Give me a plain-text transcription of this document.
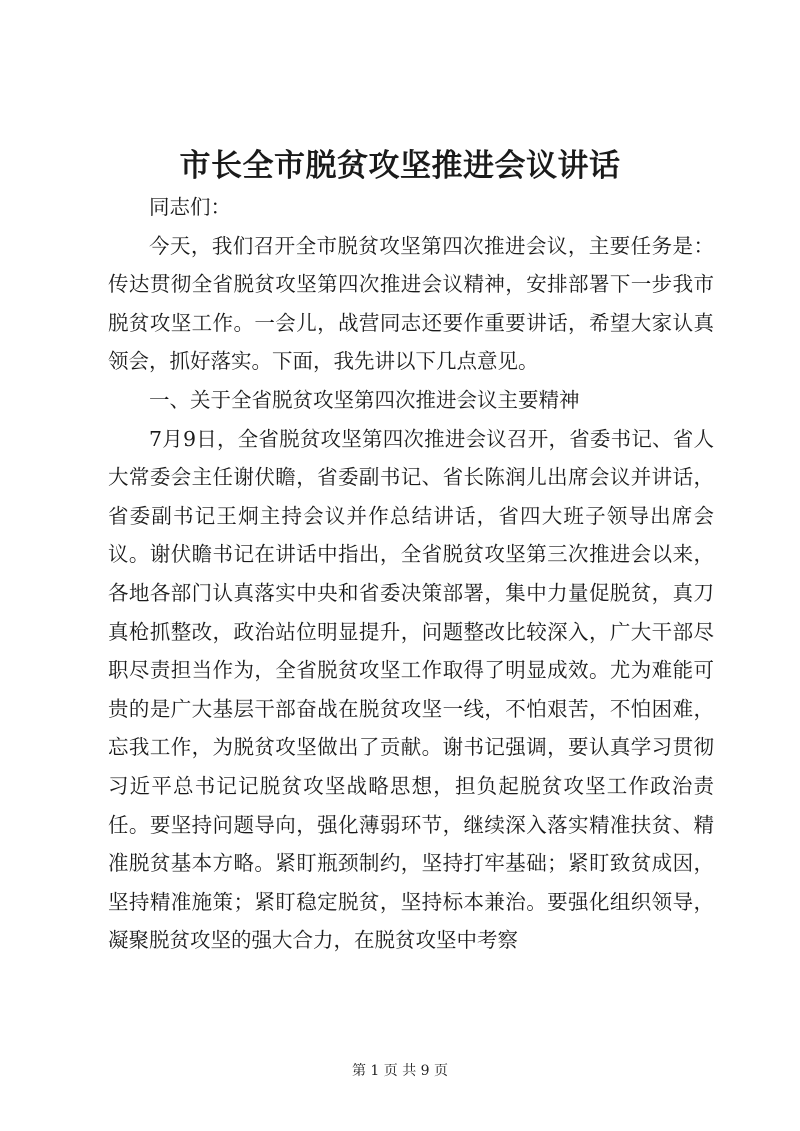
市长全市脱贫攻坚推进会议讲话

同志们：

今天，我们召开全市脱贫攻坚第四次推进会议，主要任务是：传达贯彻全省脱贫攻坚第四次推进会议精神，安排部署下一步我市脱贫攻坚工作。一会儿，战营同志还要作重要讲话，希望大家认真领会，抓好落实。下面，我先讲以下几点意见。

一、关于全省脱贫攻坚第四次推进会议主要精神

7月9日，全省脱贫攻坚第四次推进会议召开，省委书记、省人大常委会主任谢伏瞻，省委副书记、省长陈润儿出席会议并讲话，省委副书记王炯主持会议并作总结讲话，省四大班子领导出席会议。谢伏瞻书记在讲话中指出，全省脱贫攻坚第三次推进会以来，各地各部门认真落实中央和省委决策部署，集中力量促脱贫，真刀真枪抓整改，政治站位明显提升，问题整改比较深入，广大干部尽职尽责担当作为，全省脱贫攻坚工作取得了明显成效。尤为难能可贵的是广大基层干部奋战在脱贫攻坚一线，不怕艰苦，不怕困难，忘我工作，为脱贫攻坚做出了贡献。谢书记强调，要认真学习贯彻习近平总书记记脱贫攻坚战略思想，担负起脱贫攻坚工作政治责任。要坚持问题导向，强化薄弱环节，继续深入落实精准扶贫、精准脱贫基本方略。紧盯瓶颈制约，坚持打牢基础；紧盯致贫成因，坚持精准施策；紧盯稳定脱贫，坚持标本兼治。要强化组织领导，凝聚脱贫攻坚的强大合力，在脱贫攻坚中考察

第 1 页 共 9 页
